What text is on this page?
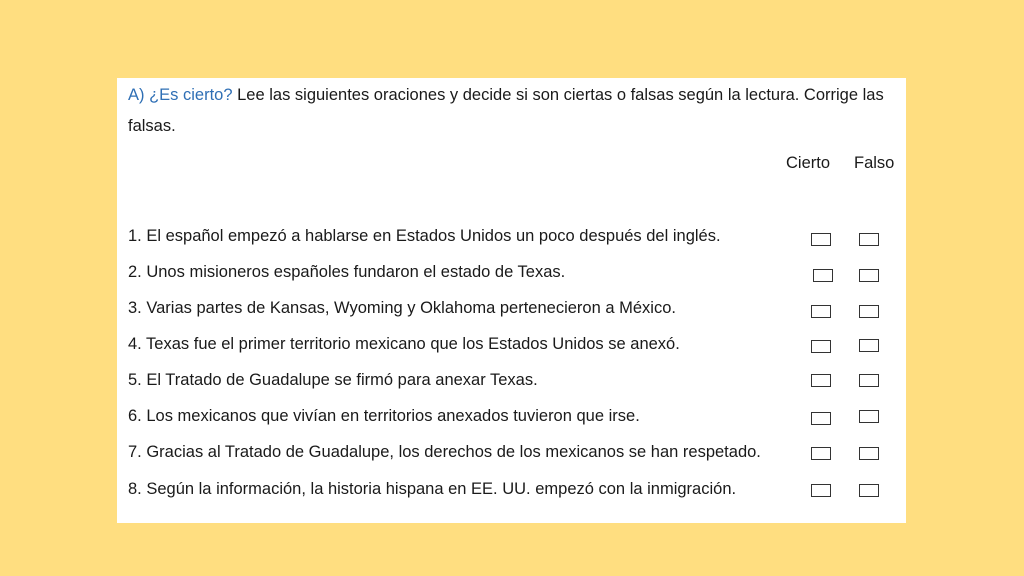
A) ¿Es cierto? Lee las siguientes oraciones y decide si son ciertas o falsas según la lectura. Corrige las falsas.
Cierto Falso
1. El español empezó a hablarse en Estados Unidos un poco después del inglés.
2. Unos misioneros españoles fundaron el estado de Texas.
3. Varias partes de Kansas, Wyoming y Oklahoma pertenecieron a México.
4. Texas fue el primer territorio mexicano que los Estados Unidos se anexó.
5. El Tratado de Guadalupe se firmó para anexar Texas.
6. Los mexicanos que vivían en territorios anexados tuvieron que irse.
7. Gracias al Tratado de Guadalupe, los derechos de los mexicanos se han respetado.
8. Según la información, la historia hispana en EE. UU. empezó con la inmigración.
